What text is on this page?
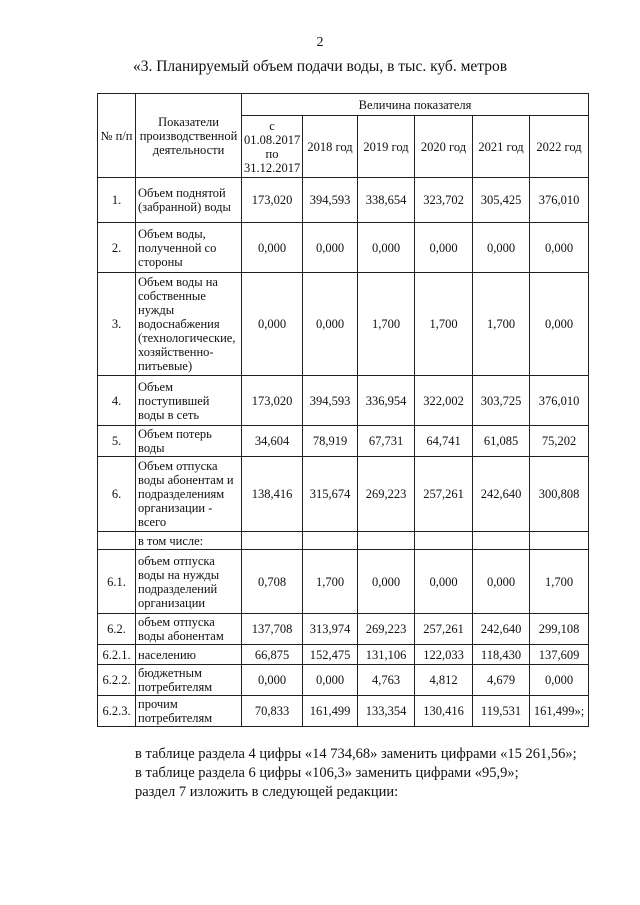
2
«3. Планируемый объем подачи воды, в тыс. куб. метров
№ п/п	Показатели производственной деятельности	Величина показателя					
		с 01.08.2017 по 31.12.2017	2018 год	2019 год	2020 год	2021 год	2022 год
1.	Объем поднятой (забранной) воды	173,020	394,593	338,654	323,702	305,425	376,010
2.	Объем воды, полученной со стороны	0,000	0,000	0,000	0,000	0,000	0,000
3.	Объем воды на собственные нужды водоснабжения (технологические, хозяйственно-питьевые)	0,000	0,000	1,700	1,700	1,700	0,000
4.	Объем поступившей воды в сеть	173,020	394,593	336,954	322,002	303,725	376,010
5.	Объем потерь воды	34,604	78,919	67,731	64,741	61,085	75,202
6.	Объем отпуска воды абонентам и подразделениям организации - всего	138,416	315,674	269,223	257,261	242,640	300,808
	в том числе:						
6.1.	объем отпуска воды на нужды подразделений организации	0,708	1,700	0,000	0,000	0,000	1,700
6.2.	объем отпуска воды абонентам	137,708	313,974	269,223	257,261	242,640	299,108
6.2.1.	населению	66,875	152,475	131,106	122,033	118,430	137,609
6.2.2.	бюджетным потребителям	0,000	0,000	4,763	4,812	4,679	0,000
6.2.3.	прочим потребителям	70,833	161,499	133,354	130,416	119,531	161,499»;

в таблице раздела 4 цифры «14 734,68» заменить цифрами «15 261,56»;

в таблице раздела 6 цифры «106,3» заменить цифрами «95,9»;

раздел 7 изложить в следующей редакции:
